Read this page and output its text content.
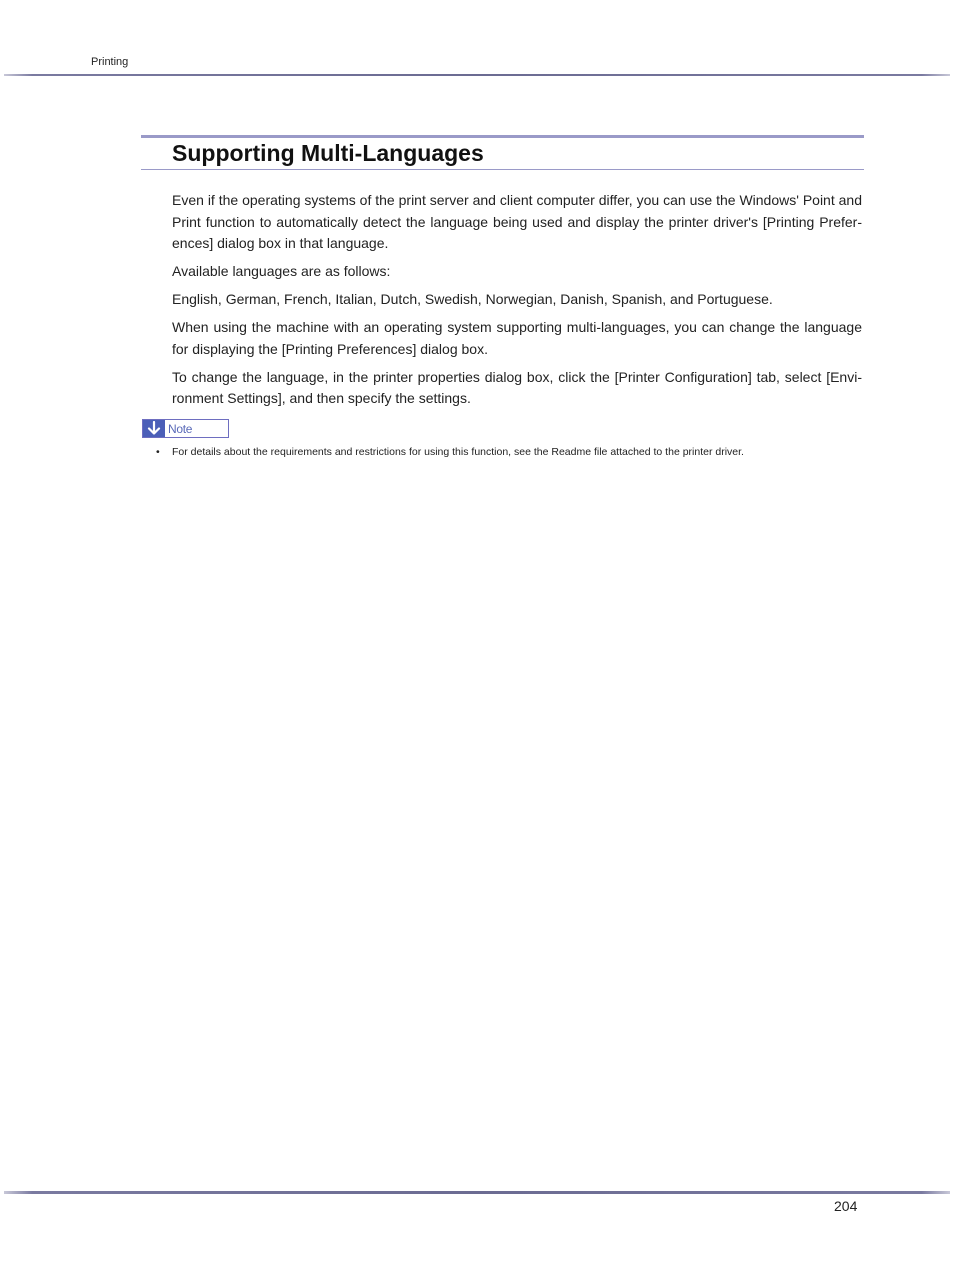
Printing
Supporting Multi-Languages

Even if the operating systems of the print server and client computer differ, you can use the Windows' Point and Print function to automatically detect the language being used and display the printer driver's [Printing Prefer-ences] dialog box in that language.

Available languages are as follows:

English, German, French, Italian, Dutch, Swedish, Norwegian, Danish, Spanish, and Portuguese.

When using the machine with an operating system supporting multi-languages, you can change the language for displaying the [Printing Preferences] dialog box.

To change the language, in the printer properties dialog box, click the [Printer Configuration] tab, select [Envi-ronment Settings], and then specify the settings.

Note
• For details about the requirements and restrictions for using this function, see the Readme file attached to the printer driver.
204
